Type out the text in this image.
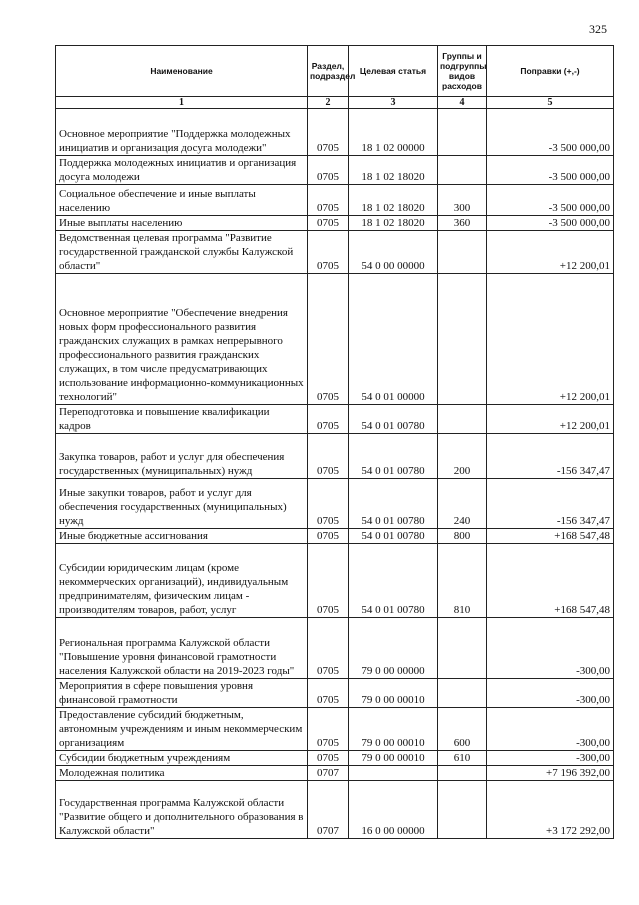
325
Наименование	Раздел, подраздел	Целевая статья	Группы и подгруппы видов расходов	Поправки (+,-)
1	2	3	4	5
Основное мероприятие "Поддержка молодежных инициатив и организация досуга молодежи"	0705	18 1 02 00000		-3 500 000,00
Поддержка молодежных инициатив и организация досуга молодежи	0705	18 1 02 18020		-3 500 000,00
Социальное обеспечение и иные выплаты населению	0705	18 1 02 18020	300	-3 500 000,00
Иные выплаты населению	0705	18 1 02 18020	360	-3 500 000,00
Ведомственная целевая программа "Развитие государственной гражданской службы Калужской области"	0705	54 0 00 00000		+12 200,01
Основное мероприятие "Обеспечение внедрения новых форм профессионального развития гражданских служащих в рамках непрерывного профессионального развития гражданских служащих, в том числе предусматривающих использование информационно-коммуникационных технологий"	0705	54 0 01 00000		+12 200,01
Переподготовка и повышение квалификации кадров	0705	54 0 01 00780		+12 200,01
Закупка товаров, работ и услуг для обеспечения государственных (муниципальных) нужд	0705	54 0 01 00780	200	-156 347,47
Иные закупки товаров, работ и услуг для обеспечения государственных (муниципальных) нужд	0705	54 0 01 00780	240	-156 347,47
Иные бюджетные ассигнования	0705	54 0 01 00780	800	+168 547,48
Субсидии юридическим лицам (кроме некоммерческих организаций), индивидуальным предпринимателям, физическим лицам - производителям товаров, работ, услуг	0705	54 0 01 00780	810	+168 547,48
Региональная программа Калужской области "Повышение уровня финансовой грамотности населения Калужской области на 2019-2023 годы"	0705	79 0 00 00000		-300,00
Мероприятия в сфере повышения уровня финансовой грамотности	0705	79 0 00 00010		-300,00
Предоставление субсидий бюджетным, автономным учреждениям и иным некоммерческим организациям	0705	79 0 00 00010	600	-300,00
Субсидии бюджетным учреждениям	0705	79 0 00 00010	610	-300,00
Молодежная политика	0707			+7 196 392,00
Государственная программа Калужской области "Развитие общего и дополнительного образования в Калужской области"	0707	16 0 00 00000		+3 172 292,00
